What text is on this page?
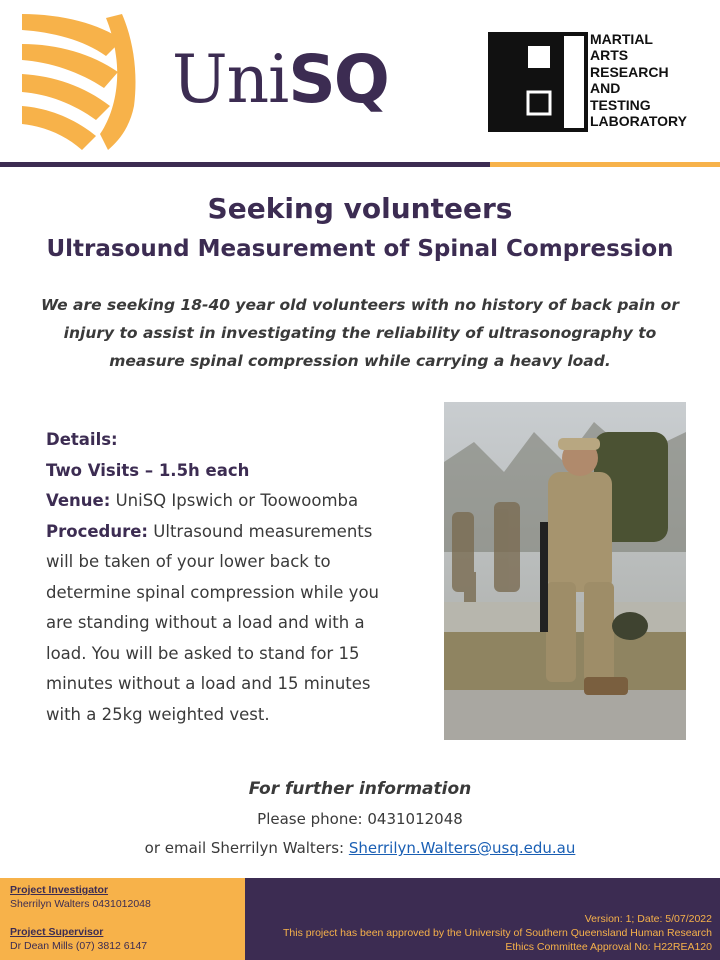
UniSQ
MARTIAL
ARTS
RESEARCH
AND
TESTING
LABORATORY
Seeking volunteers
Ultrasound Measurement of Spinal Compression

We are seeking 18-40 year old volunteers with no history of back pain or injury to assist in investigating the reliability of ultrasonography to measure spinal compression while carrying a heavy load.

Details:
Two Visits – 1.5h each
Venue: UniSQ Ipswich or Toowoomba
Procedure: Ultrasound measurements will be taken of your lower back to determine spinal compression while you are standing without a load and with a load. You will be asked to stand for 15 minutes without a load and 15 minutes with a 25kg weighted vest.
For further information
Please phone: 0431012048
or email Sherrilyn Walters: Sherrilyn.Walters@usq.edu.au
Project Investigator
Sherrilyn Walters 0431012048
Project Supervisor
Dr Dean Mills (07) 3812 6147
Version: 1; Date: 5/07/2022
This project has been approved by the University of Southern Queensland Human Research
Ethics Committee Approval No: H22REA120
